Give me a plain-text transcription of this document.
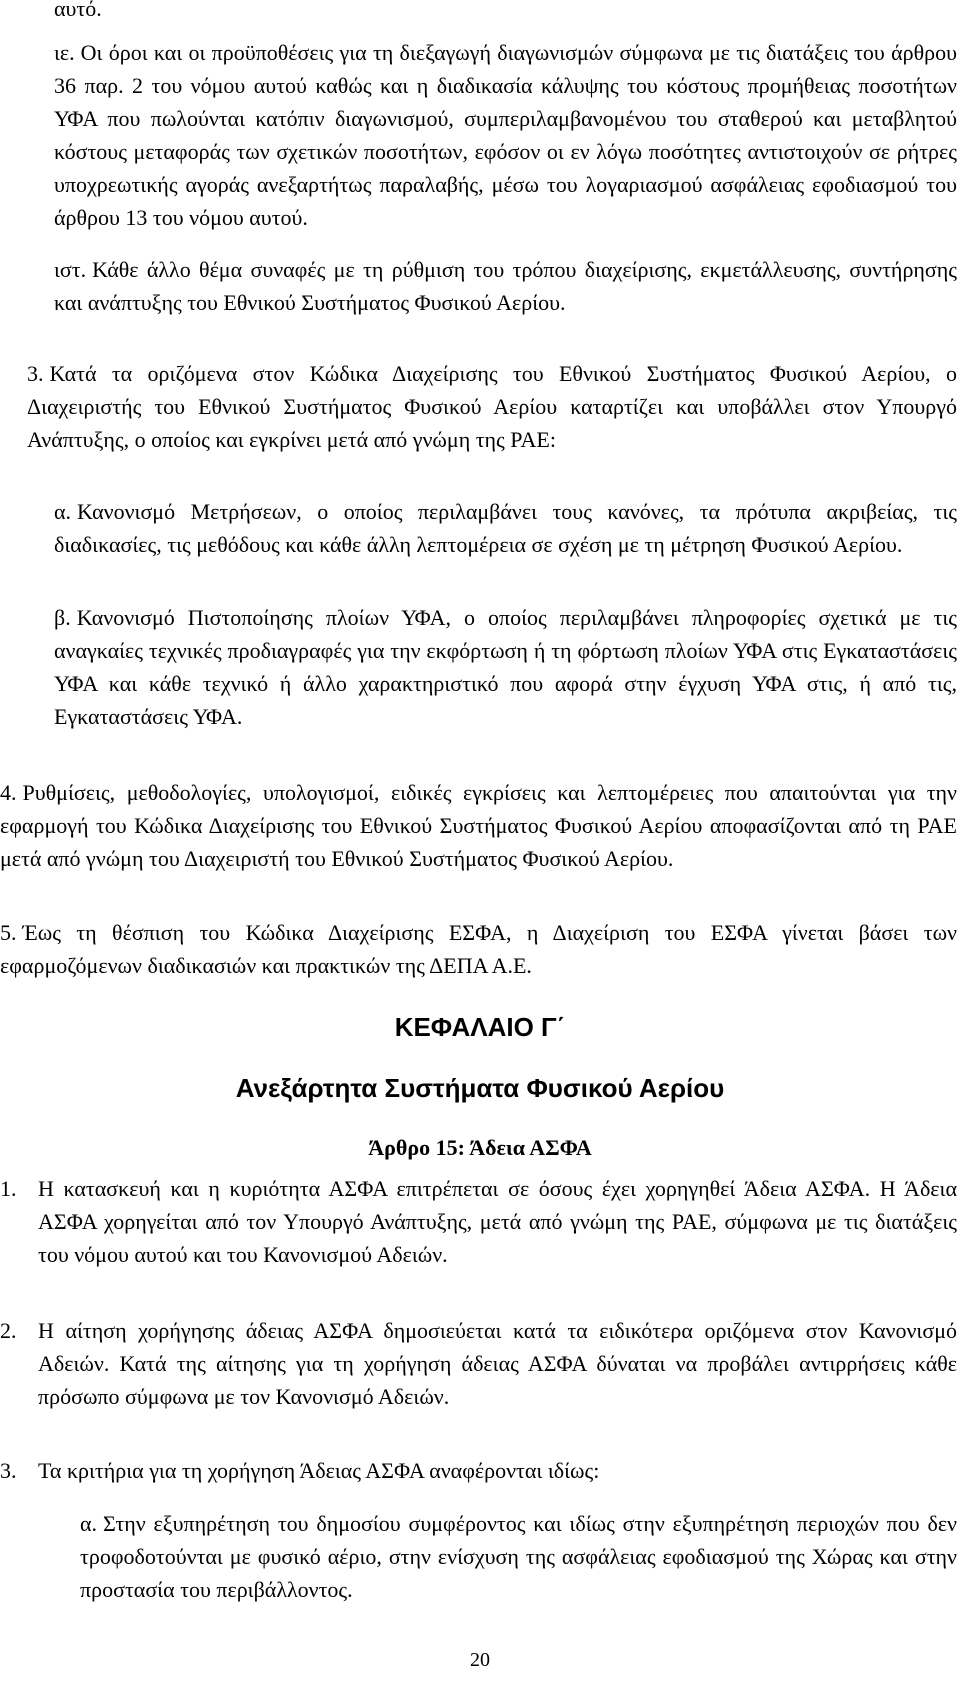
αυτό.

ιε. Οι όροι και οι προϋποθέσεις για τη διεξαγωγή διαγωνισμών σύμφωνα με τις διατάξεις του άρθρου 36 παρ. 2 του νόμου αυτού καθώς και η διαδικασία κάλυψης του κόστους προμήθειας ποσοτήτων ΥΦΑ που πωλούνται κατόπιν διαγωνισμού, συμπεριλαμβανομένου του σταθερού και μεταβλητού κόστους μεταφοράς των σχετικών ποσοτήτων, εφόσον οι εν λόγω ποσότητες αντιστοιχούν σε ρήτρες υποχρεωτικής αγοράς ανεξαρτήτως παραλαβής, μέσω του λογαριασμού ασφάλειας εφοδιασμού του άρθρου 13 του νόμου αυτού.

ιστ. Κάθε άλλο θέμα συναφές με τη ρύθμιση του τρόπου διαχείρισης, εκμετάλλευσης, συντήρησης και ανάπτυξης του Εθνικού Συστήματος Φυσικού Αερίου.

3. Κατά τα οριζόμενα στον Κώδικα Διαχείρισης του Εθνικού Συστήματος Φυσικού Αερίου, ο Διαχειριστής του Εθνικού Συστήματος Φυσικού Αερίου καταρτίζει και υποβάλλει στον Υπουργό Ανάπτυξης, ο οποίος και εγκρίνει μετά από γνώμη της ΡΑΕ:

α. Κανονισμό Μετρήσεων, ο οποίος περιλαμβάνει τους κανόνες, τα πρότυπα ακριβείας, τις διαδικασίες, τις μεθόδους και κάθε άλλη λεπτομέρεια σε σχέση με τη μέτρηση Φυσικού Αερίου.

β. Κανονισμό Πιστοποίησης πλοίων ΥΦΑ, ο οποίος περιλαμβάνει πληροφορίες σχετικά με τις αναγκαίες τεχνικές προδιαγραφές για την εκφόρτωση ή τη φόρτωση πλοίων ΥΦΑ στις Εγκαταστάσεις ΥΦΑ και κάθε τεχνικό ή άλλο χαρακτηριστικό που αφορά στην έγχυση ΥΦΑ στις, ή από τις, Εγκαταστάσεις ΥΦΑ.

4. Ρυθμίσεις, μεθοδολογίες, υπολογισμοί, ειδικές εγκρίσεις και λεπτομέρειες που απαιτούνται για την εφαρμογή του Κώδικα Διαχείρισης του Εθνικού Συστήματος Φυσικού Αερίου αποφασίζονται από τη ΡΑΕ μετά από γνώμη του Διαχειριστή του Εθνικού Συστήματος Φυσικού Αερίου.

5. Έως τη θέσπιση του Κώδικα Διαχείρισης ΕΣΦΑ, η Διαχείριση του ΕΣΦΑ γίνεται βάσει των εφαρμοζόμενων διαδικασιών και πρακτικών της ΔΕΠΑ Α.Ε.

ΚΕΦΑΛΑΙΟ Γ΄
Ανεξάρτητα Συστήματα Φυσικού Αερίου
Άρθρο 15: Άδεια ΑΣΦΑ
1. Η κατασκευή και η κυριότητα ΑΣΦΑ επιτρέπεται σε όσους έχει χορηγηθεί Άδεια ΑΣΦΑ. Η Άδεια ΑΣΦΑ χορηγείται από τον Υπουργό Ανάπτυξης, μετά από γνώμη της ΡΑΕ, σύμφωνα με τις διατάξεις του νόμου αυτού και του Κανονισμού Αδειών.

2. Η αίτηση χορήγησης άδειας ΑΣΦΑ δημοσιεύεται κατά τα ειδικότερα οριζόμενα στον Κανονισμό Αδειών. Κατά της αίτησης για τη χορήγηση άδειας ΑΣΦΑ δύναται να προβάλει αντιρρήσεις κάθε πρόσωπο σύμφωνα με τον Κανονισμό Αδειών.

3. Τα κριτήρια για τη χορήγηση Άδειας ΑΣΦΑ αναφέρονται ιδίως:

α. Στην εξυπηρέτηση του δημοσίου συμφέροντος και ιδίως στην εξυπηρέτηση περιοχών που δεν τροφοδοτούνται με φυσικό αέριο, στην ενίσχυση της ασφάλειας εφοδιασμού της Χώρας και στην προστασία του περιβάλλοντος.

20
